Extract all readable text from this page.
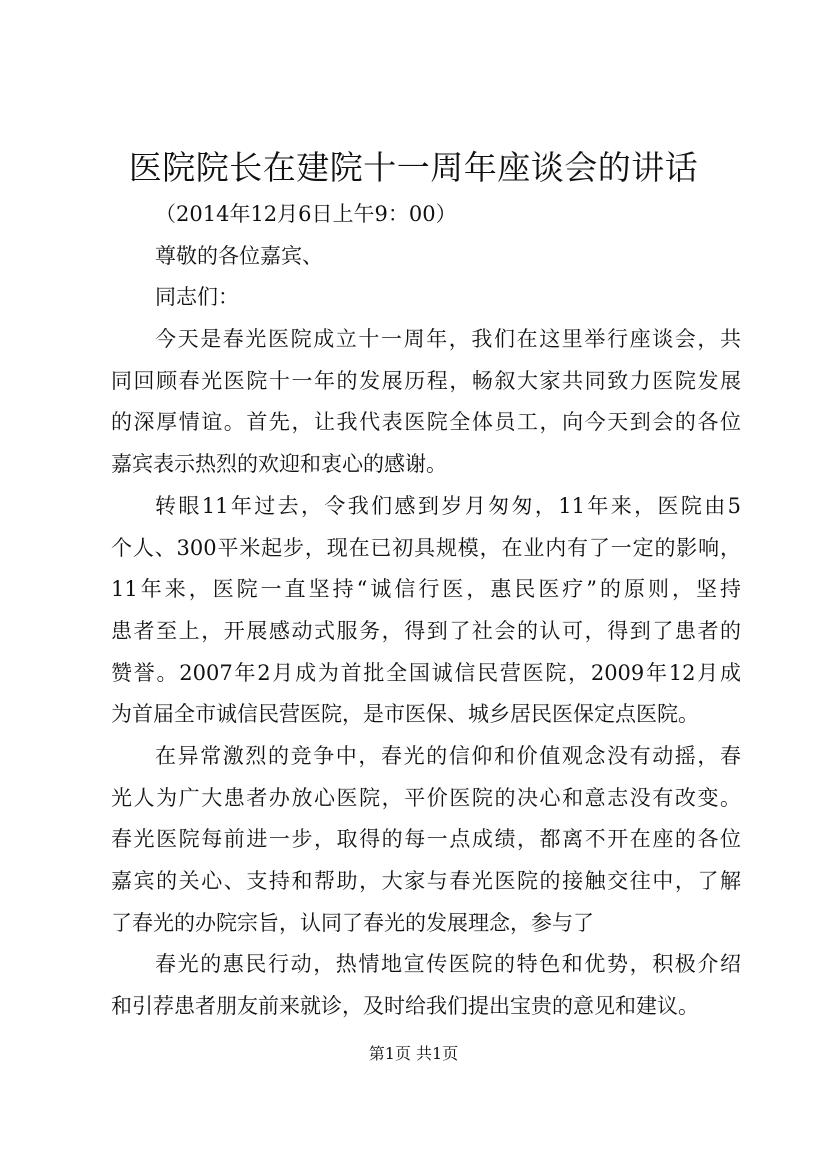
医院院长在建院十一周年座谈会的讲话
（2014年12月6日上午9：00）
尊敬的各位嘉宾、
同志们：
今天是春光医院成立十一周年，我们在这里举行座谈会，共
同回顾春光医院十一年的发展历程，畅叙大家共同致力医院发展
的深厚情谊。首先，让我代表医院全体员工，向今天到会的各位
嘉宾表示热烈的欢迎和衷心的感谢。
转眼11年过去，令我们感到岁月匆匆，11年来，医院由5
个人、300平米起步，现在已初具规模，在业内有了一定的影响，
11年来，医院一直坚持“诚信行医，惠民医疗”的原则，坚持
患者至上，开展感动式服务，得到了社会的认可，得到了患者的
赞誉。2007年2月成为首批全国诚信民营医院，2009年12月成
为首届全市诚信民营医院，是市医保、城乡居民医保定点医院。
在异常激烈的竞争中，春光的信仰和价值观念没有动摇，春
光人为广大患者办放心医院，平价医院的决心和意志没有改变。
春光医院每前进一步，取得的每一点成绩，都离不开在座的各位
嘉宾的关心、支持和帮助，大家与春光医院的接触交往中，了解
了春光的办院宗旨，认同了春光的发展理念，参与了
春光的惠民行动，热情地宣传医院的特色和优势，积极介绍
和引荐患者朋友前来就诊，及时给我们提出宝贵的意见和建议。
第1页 共1页
